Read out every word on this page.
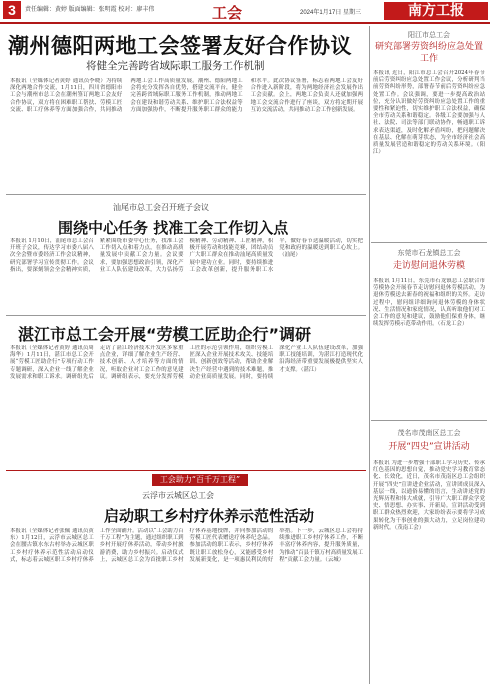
3	责任编辑：黄婷 版面编辑：张明霞 校对：廖丰伟	工会	2024年1月17日 星期三	南方工报
潮州德阳两地工会签署友好合作协议
将健全完善跨省域际职工服务工作机制
本报讯（全媒体记者黄婷 通讯员李晓）为持续深化两地合作交流，1月11日，四川省德阳市工会与潮州市总工会在潮州签订两地工会友好合作协议，双方将在困难职工帮扶、劳模工匠交流、职工疗休养等方面加强合作，共同推动两地工会工作高质量发展。潮州、德阳两地工会将充分发挥各自优势，搭建交流平台，健全完善跨省域际职工服务工作机制，推动两地工会在建设和谐劳动关系、维护职工合法权益等方面加强协作，不断提升服务职工群众的能力和水平。此次协议签署，标志着两地工会友好合作进入新阶段，将为两地经济社会发展作出工会贡献。会上，两地工会负责人还就加强两地工会交流合作进行了座谈，双方将定期开展互访交流活动，共同推动工会工作创新发展。
阳江市总工会
研究部署劳资纠纷应急处置工作
本报讯 近日，阳江市总工会召开2024年春节前后劳资纠纷应急处置工作会议，分析研判当前劳资纠纷形势，部署春节前后劳资纠纷应急处置工作。会议强调，要进一步提高政治站位，充分认识做好劳资纠纷应急处置工作的重要性和紧迫性，切实维护职工合法权益，确保全市劳动关系和谐稳定。各级工会要加强与人社、法院、司法等部门联动协作，畅通职工诉求表达渠道，及时化解矛盾纠纷，把问题解决在基层、化解在萌芽状态，为全市经济社会高质量发展营造和谐稳定的劳动关系环境。（阳江）
汕尾市总工会召开班子会议
围绕中心任务 找准工会工作切入点
本报讯 1月10日，汕尾市总工会召开班子会议，传达学习市委八届八次全会暨市委经济工作会议精神，研究部署学习宣传贯彻工作。会议指出，要深刻领会全会精神实质，紧紧围绕市委中心任务，找准工会工作切入点和着力点，在推动高质量发展中贡献工会力量。会议要求，要加强思想政治引领，深化产业工人队伍建设改革，大力弘扬劳模精神、劳动精神、工匠精神，积极开展劳动和技能竞赛，团结动员广大职工群众在推动汕尾高质量发展中建功立业。同时，要持续推进工会改革创新，提升服务职工水平，做好春节送温暖活动，切实把党和政府的温暖送到职工心坎上。（汕尾）	东莞市石龙镇总工会
走访慰问退休劳模
本报讯 1月11日，东莞市石龙镇总工会联合市劳模协会开展春节走访慰问退休劳模活动，为退休劳模送去新春的祝福和组织的关怀。走访过程中，慰问组详细询问退休劳模的身体状况、生活情况和家庭情况，认真听取他们对工会工作的意见和建议，鼓励他们保重身体，继续发挥劳模示范带动作用。（石龙工会）
湛江市总工会开展“劳模工匠助企行”调研
本报讯（全媒体记者黄婷 通讯员周海华）1月11日，湛江市总工会开展“劳模工匠助企行”专项行动工作专题调研，深入企业一线了解企业发展需求和职工诉求。调研组先后走访了湛江经济技术开发区多家重点企业，详细了解企业生产经营、技术创新、人才培养等方面的情况，听取企业对工会工作的意见建议。调研组表示，要充分发挥劳模工匠的示范引领作用，组织劳模工匠深入企业开展技术攻关、技能培训、创新创效等活动，帮助企业解决生产经营中遇到的技术难题，推动企业高质量发展。同时，要持续深化产业工人队伍建设改革，加强职工技能培训，为湛江打造现代化沿海经济带重要发展极提供坚实人才支撑。（湛江）
茂名市茂南区总工会
开展“四史”宣讲活动
本报讯 为进一步增强干部职工学习历史、传承红色基因的思想自觉，推动党史学习教育常态化、长效化，近日，茂名市茂南区总工会组织开展“四史”宣讲进企业活动，宣讲团成员深入基层一线，以通俗易懂的语言，生动讲述党的光辉历程和伟大成就，引导广大职工群众学党史、悟思想、办实事、开新局。宣讲活动受到职工群众热烈欢迎，大家纷纷表示要将学习成果转化为干事创业的强大动力，立足岗位建功新时代。（茂南工会）
工会助力“百千万工程”
云浮市云城区总工会
启动职工乡村疗休养示范性活动
本报讯（全媒体记者张佩 通讯员黄东）1月12日，云浮市云城区总工会在腰古镇水东古村举办云城区职工乡村疗休养示范性活动启动仪式，标志着云城区职工乡村疗休养工作全面铺开。活动以“工会助力百千万工程”为主题，通过组织职工到乡村开展疗休养活动，带动乡村旅游消费，助力乡村振兴。启动仪式上，云城区总工会为首批职工乡村疗休养基地授牌，并向参加活动的劳模工匠代表赠送疗休养纪念品。参加活动的职工表示，乡村疗休养既让职工放松身心，又能感受乡村发展新变化，是一项惠民利民的好举措。下一步，云城区总工会将持续推进职工乡村疗休养工作，不断丰富疗休养内容，提升服务质量，为推动“百县千镇万村高质量发展工程”贡献工会力量。（云城）
